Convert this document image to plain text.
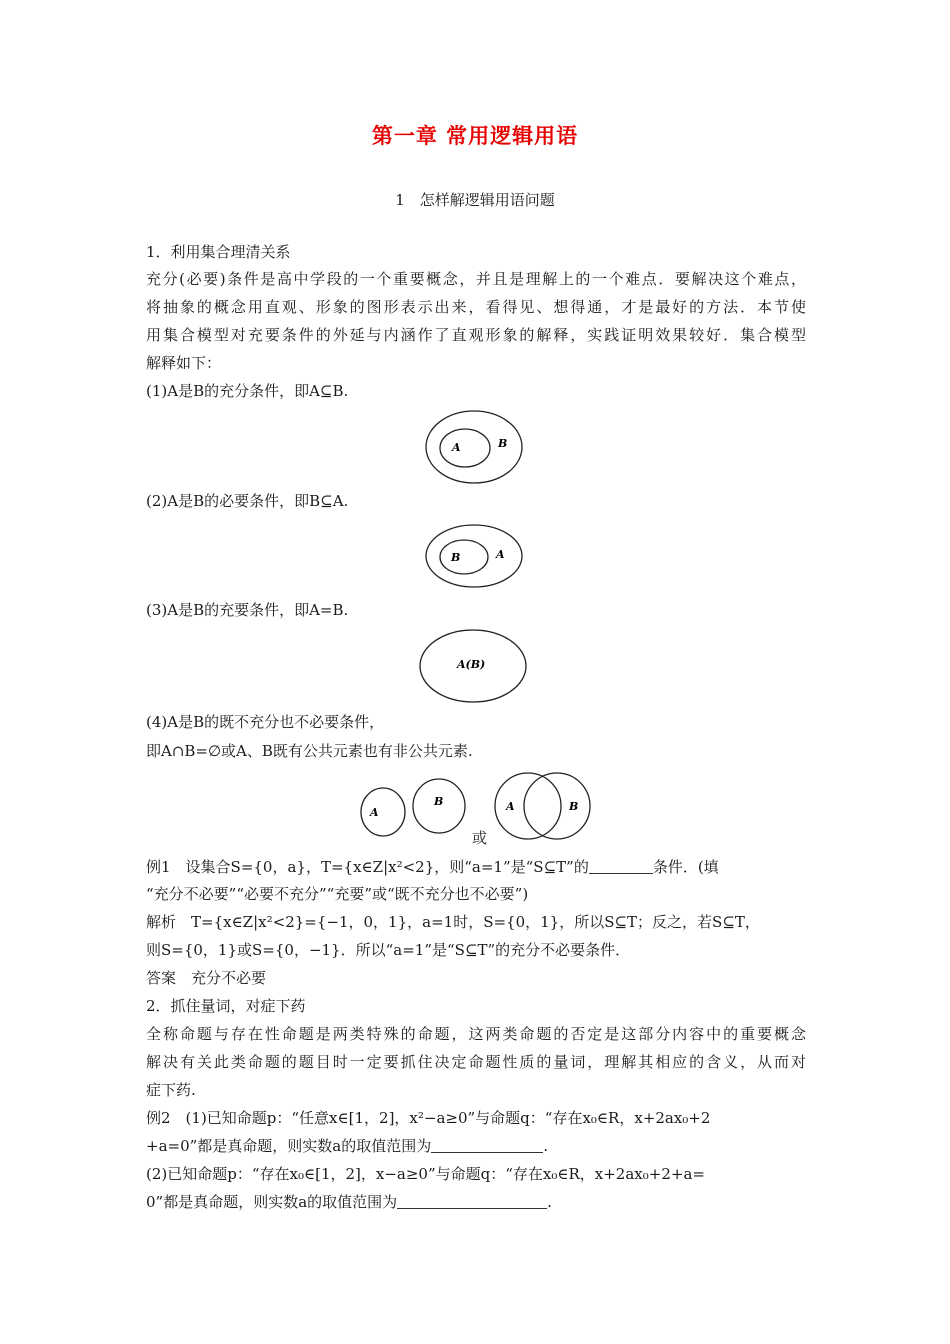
第一章 常用逻辑用语
1　怎样解逻辑用语问题
1．利用集合理清关系
充分(必要)条件是高中学段的一个重要概念，并且是理解上的一个难点．要解决这个难点，
将抽象的概念用直观、形象的图形表示出来，看得见、想得通，才是最好的方法．本节使
用集合模型对充要条件的外延与内涵作了直观形象的解释，实践证明效果较好．集合模型
解释如下：
(1)A是B的充分条件，即A⊆B.
A	B
B	A
A(B)
A
B	A	B
(2)A是B的必要条件，即B⊆A.
(3)A是B的充要条件，即A=B.
(4)A是B的既不充分也不必要条件，
即A∩B=∅或A、B既有公共元素也有非公共元素.
或
例1　设集合S={0，a}，T={x∈Z|x²<2}，则“a=1”是“S⊆T”的	条件．(填
“充分不必要”“必要不充分”“充要”或“既不充分也不必要”)
解析　T={x∈Z|x²<2}={−1，0，1}，a=1时，S={0，1}，所以S⊆T；反之，若S⊆T，
则S={0，1}或S={0，−1}．所以“a=1”是“S⊆T”的充分不必要条件．
答案　充分不必要
2．抓住量词，对症下药
全称命题与存在性命题是两类特殊的命题，这两类命题的否定是这部分内容中的重要概念
解决有关此类命题的题目时一定要抓住决定命题性质的量词，理解其相应的含义，从而对
症下药.
例2　(1)已知命题p：“任意x∈[1，2]，x²−a≥0”与命题q：“存在x₀∈R，x+2ax₀+2
+a=0”都是真命题，则实数a的取值范围为	.
(2)已知命题p：“存在x₀∈[1，2]，x−a≥0”与命题q：“存在x₀∈R，x+2ax₀+2+a=
0”都是真命题，则实数a的取值范围为	.
